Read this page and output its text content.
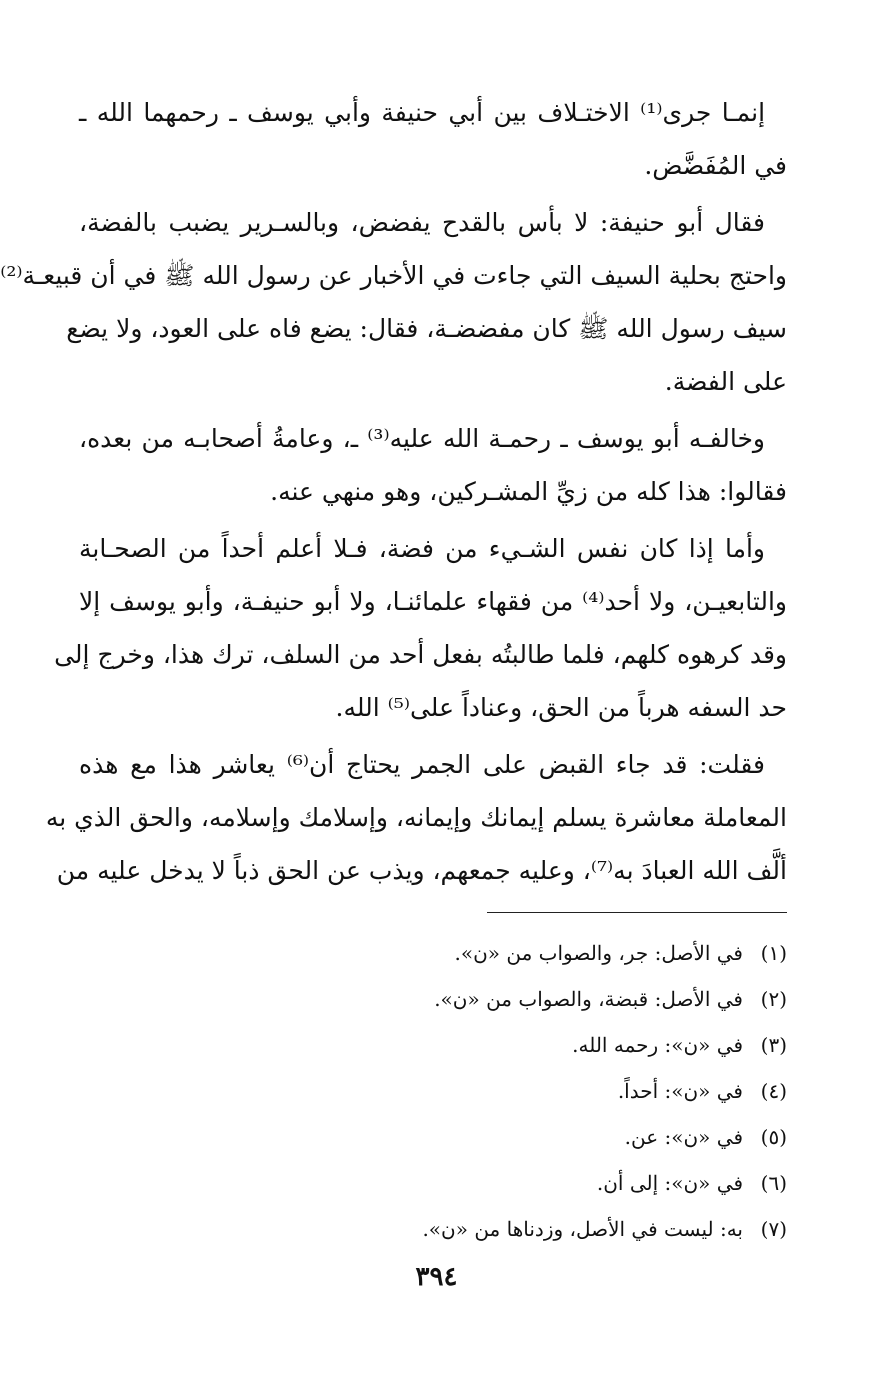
إنمـا جرى⁽¹⁾ الاختـلاف بين أبي حنيفة وأبي يوسف ـ رحمهما الله ـ
في المُفَضَّض.

فقال أبو حنيفة: لا بأس بالقدح يفضض، وبالسـرير يضبب بالفضة،
واحتج بحلية السيف التي جاءت في الأخبار عن رسول الله ﷺ في أن قبيعـة⁽²⁾
سيف رسول الله ﷺ كان مفضضـة، فقال: يضع فاه على العود، ولا يضع
على الفضة.

وخالفـه أبو يوسف ـ رحمـة الله عليه⁽³⁾ ـ، وعامةُ أصحابـه من بعده،
فقالوا: هذا كله من زيِّ المشـركين، وهو منهي عنه.

وأما إذا كان نفس الشـيء من فضة، فـلا أعلم أحداً من الصحـابة
والتابعيـن، ولا أحد⁽⁴⁾ من فقهاء علمائنـا، ولا أبو حنيفـة، وأبو يوسف إلا
وقد كرهوه كلهم، فلما طالبتُه بفعل أحد من السلف، ترك هذا، وخرج إلى
حد السفه هرباً من الحق، وعناداً على⁽⁵⁾ الله.

فقلت: قد جاء القبض على الجمر يحتاج أن⁽⁶⁾ يعاشر هذا مع هذه
المعاملة معاشرة يسلم إيمانك وإيمانه، وإسلامك وإسلامه، والحق الذي به
ألَّف الله العبادَ به⁽⁷⁾، وعليه جمعهم، ويذب عن الحق ذباً لا يدخل عليه من

(١)في الأصل: جر، والصواب من «ن».
(٢)في الأصل: قبضة، والصواب من «ن».
(٣)في «ن»: رحمه الله.
(٤)في «ن»: أحداً.
(٥)في «ن»: عن.
(٦)في «ن»: إلى أن.
(٧)به: ليست في الأصل، وزدناها من «ن».
٣٩٤
